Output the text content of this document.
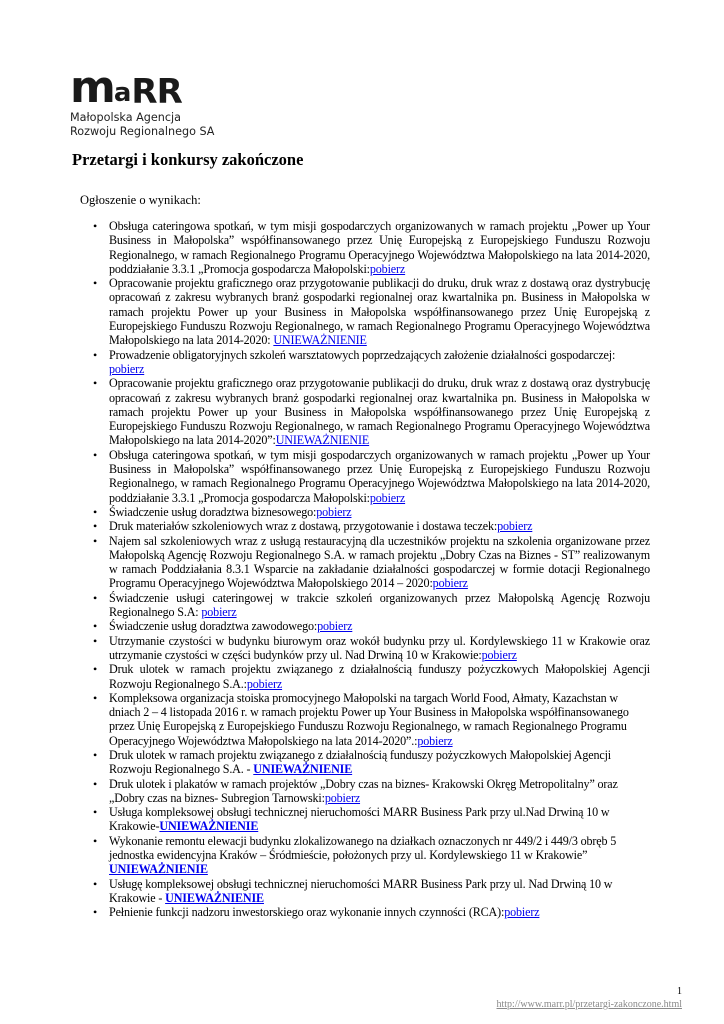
m a RR
Małopolska Agencja
Rozwoju Regionalnego SA
Przetargi i konkursy zakończone

Ogłoszenie o wynikach:

• Obsługa cateringowa spotkań, w tym misji gospodarczych organizowanych w ramach projektu „Power up Your Business in Małopolska” współfinansowanego przez Unię Europejską z Europejskiego Funduszu Rozwoju Regionalnego, w ramach Regionalnego Programu Operacyjnego Województwa Małopolskiego na lata 2014-2020, poddziałanie 3.3.1 „Promocja gospodarcza Małopolski:pobierz
• Opracowanie projektu graficznego oraz przygotowanie publikacji do druku, druk wraz z dostawą oraz dystrybucję opracowań z zakresu wybranych branż gospodarki regionalnej oraz kwartalnika pn. Business in Małopolska w ramach projektu Power up your Business in Małopolska współfinansowanego przez Unię Europejską z Europejskiego Funduszu Rozwoju Regionalnego, w ramach Regionalnego Programu Operacyjnego Województwa Małopolskiego na lata 2014-2020: UNIEWAŻNIENIE
• Prowadzenie obligatoryjnych szkoleń warsztatowych poprzedzających założenie działalności gospodarczej: pobierz
• Opracowanie projektu graficznego oraz przygotowanie publikacji do druku, druk wraz z dostawą oraz dystrybucję opracowań z zakresu wybranych branż gospodarki regionalnej oraz kwartalnika pn. Business in Małopolska w ramach projektu Power up your Business in Małopolska współfinansowanego przez Unię Europejską z Europejskiego Funduszu Rozwoju Regionalnego, w ramach Regionalnego Programu Operacyjnego Województwa Małopolskiego na lata 2014-2020”:UNIEWAŻNIENIE
• Obsługa cateringowa spotkań, w tym misji gospodarczych organizowanych w ramach projektu „Power up Your Business in Małopolska” współfinansowanego przez Unię Europejską z Europejskiego Funduszu Rozwoju Regionalnego, w ramach Regionalnego Programu Operacyjnego Województwa Małopolskiego na lata 2014-2020, poddziałanie 3.3.1 „Promocja gospodarcza Małopolski:pobierz
• Świadczenie usług doradztwa biznesowego:pobierz
• Druk materiałów szkoleniowych wraz z dostawą, przygotowanie i dostawa teczek:pobierz
• Najem sal szkoleniowych wraz z usługą restauracyjną dla uczestników projektu na szkolenia organizowane przez Małopolską Agencję Rozwoju Regionalnego S.A. w ramach projektu „Dobry Czas na Biznes - ST” realizowanym w ramach Poddziałania 8.3.1 Wsparcie na zakładanie działalności gospodarczej w formie dotacji Regionalnego Programu Operacyjnego Województwa Małopolskiego 2014 – 2020:pobierz
• Świadczenie usługi cateringowej w trakcie szkoleń organizowanych przez Małopolską Agencję Rozwoju Regionalnego S.A: pobierz
• Świadczenie usług doradztwa zawodowego:pobierz
• Utrzymanie czystości w budynku biurowym oraz wokół budynku przy ul. Kordylewskiego 11 w Krakowie oraz utrzymanie czystości w części budynków przy ul. Nad Drwiną 10 w Krakowie:pobierz
• Druk ulotek w ramach projektu związanego z działalnością funduszy pożyczkowych Małopolskiej Agencji Rozwoju Regionalnego S.A.:pobierz
• Kompleksowa organizacja stoiska promocyjnego Małopolski na targach World Food, Ałmaty, Kazachstan w dniach 2 – 4 listopada 2016 r. w ramach projektu Power up Your Business in Małopolska współfinansowanego przez Unię Europejską z Europejskiego Funduszu Rozwoju Regionalnego, w ramach Regionalnego Programu Operacyjnego Województwa Małopolskiego na lata 2014-2020”.:pobierz
• Druk ulotek w ramach projektu związanego z działalnością funduszy pożyczkowych Małopolskiej Agencji Rozwoju Regionalnego S.A. - UNIEWAŻNIENIE
• Druk ulotek i plakatów w ramach projektów „Dobry czas na biznes- Krakowski Okręg Metropolitalny” oraz „Dobry czas na biznes- Subregion Tarnowski:pobierz
• Usługa kompleksowej obsługi technicznej nieruchomości MARR Business Park przy ul.Nad Drwiną 10 w Krakowie-UNIEWAŻNIENIE
• Wykonanie remontu elewacji budynku zlokalizowanego na działkach oznaczonych nr 449/2 i 449/3 obręb 5 jednostka ewidencyjna Kraków – Śródmieście, położonych przy ul. Kordylewskiego 11 w Krakowie” UNIEWAŻNIENIE
• Usługę kompleksowej obsługi technicznej nieruchomości MARR Business Park przy ul. Nad Drwiną 10 w Krakowie - UNIEWAŻNIENIE
• Pełnienie funkcji nadzoru inwestorskiego oraz wykonanie innych czynności (RCA):pobierz
1
http://www.marr.pl/przetargi-zakonczone.html
